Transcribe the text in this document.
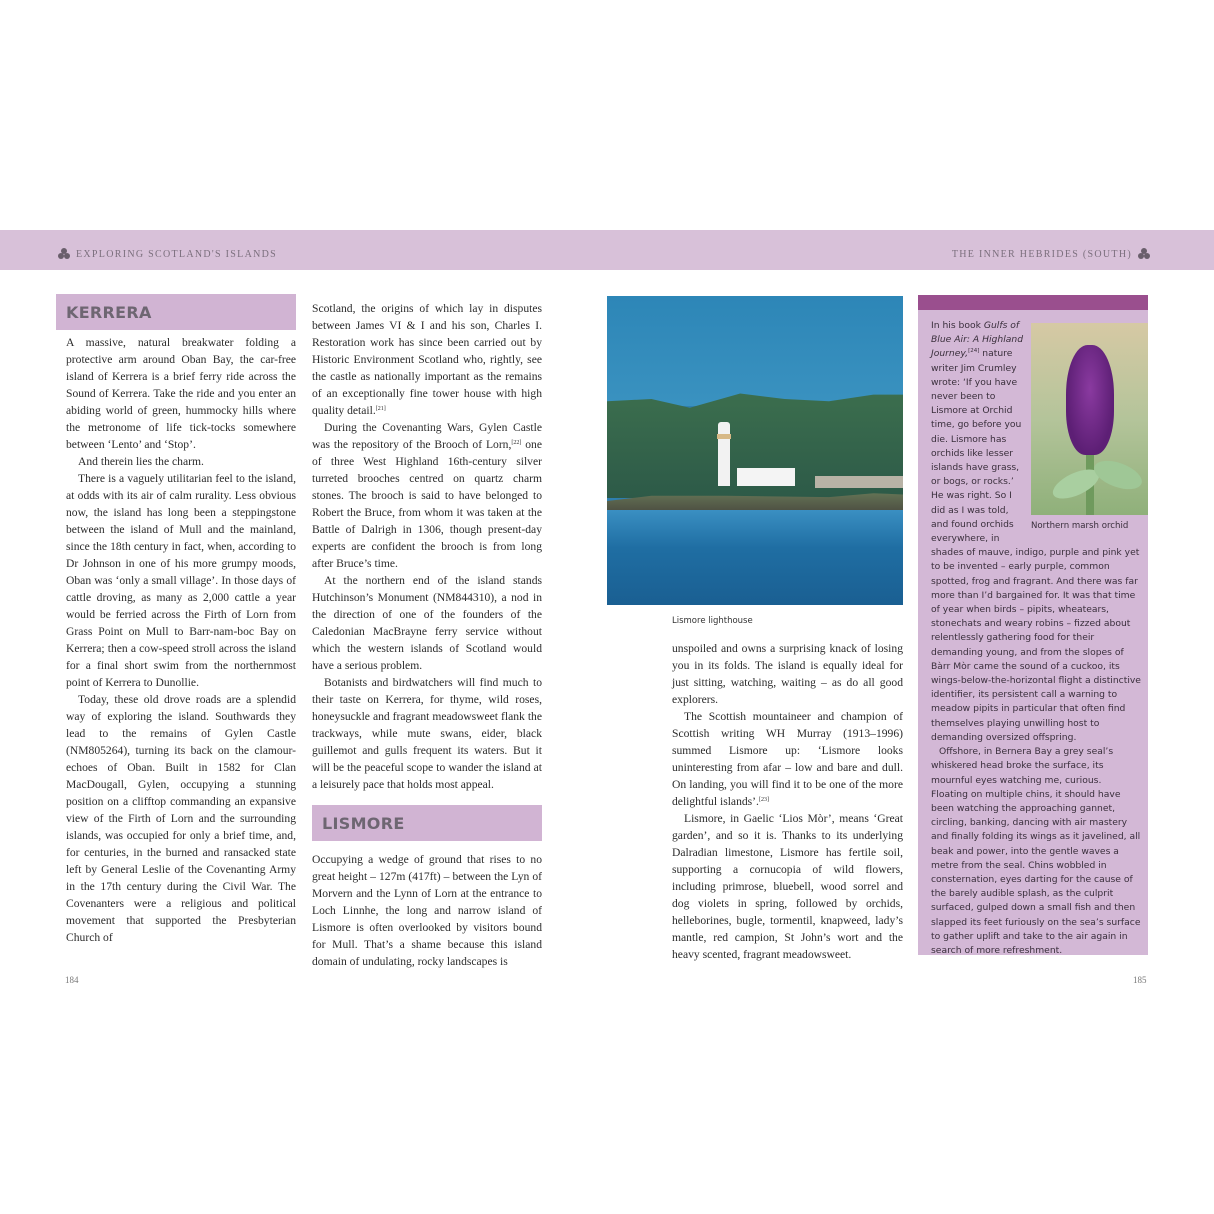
EXPLORING SCOTLAND'S ISLANDS	THE INNER HEBRIDES (SOUTH)
KERRERA

A massive, natural breakwater folding a protective arm around Oban Bay, the car-free island of Kerrera is a brief ferry ride across the Sound of Kerrera. Take the ride and you enter an abiding world of green, hummocky hills where the metronome of life tick-tocks somewhere between ‘Lento’ and ‘Stop’.

And therein lies the charm.

There is a vaguely utilitarian feel to the island, at odds with its air of calm rurality. Less obvious now, the island has long been a steppingstone between the island of Mull and the mainland, since the 18th century in fact, when, according to Dr Johnson in one of his more grumpy moods, Oban was ‘only a small village’. In those days of cattle droving, as many as 2,000 cattle a year would be ferried across the Firth of Lorn from Grass Point on Mull to Barr-nam-boc Bay on Kerrera; then a cow-speed stroll across the island for a final short swim from the northernmost point of Kerrera to Dunollie.

Today, these old drove roads are a splendid way of exploring the island. Southwards they lead to the remains of Gylen Castle (NM805264), turning its back on the clamour-echoes of Oban. Built in 1582 for Clan MacDougall, Gylen, occupying a stunning position on a clifftop commanding an expansive view of the Firth of Lorn and the surrounding islands, was occupied for only a brief time, and, for centuries, in the burned and ransacked state left by General Leslie of the Covenanting Army in the 17th century during the Civil War. The Covenanters were a religious and political movement that supported the Presbyterian Church of

Scotland, the origins of which lay in disputes between James VI & I and his son, Charles I. Restoration work has since been carried out by Historic Environment Scotland who, rightly, see the castle as nationally important as the remains of an exceptionally fine tower house with high quality detail.[21]

During the Covenanting Wars, Gylen Castle was the repository of the Brooch of Lorn,[22] one of three West Highland 16th-century silver turreted brooches centred on quartz charm stones. The brooch is said to have belonged to Robert the Bruce, from whom it was taken at the Battle of Dalrigh in 1306, though present-day experts are confident the brooch is from long after Bruce’s time.

At the northern end of the island stands Hutchinson’s Monument (NM844310), a nod in the direction of one of the founders of the Caledonian MacBrayne ferry service without which the western islands of Scotland would have a serious problem.

Botanists and birdwatchers will find much to their taste on Kerrera, for thyme, wild roses, honeysuckle and fragrant meadowsweet flank the trackways, while mute swans, eider, black guillemot and gulls frequent its waters. But it will be the peaceful scope to wander the island at a leisurely pace that holds most appeal.

LISMORE

Occupying a wedge of ground that rises to no great height – 127m (417ft) – between the Lyn of Morvern and the Lynn of Lorn at the entrance to Loch Linnhe, the long and narrow island of Lismore is often overlooked by visitors bound for Mull. That’s a shame because this island domain of undulating, rocky landscapes is

Lismore lighthouse

unspoiled and owns a surprising knack of losing you in its folds. The island is equally ideal for just sitting, watching, waiting – as do all good explorers.

The Scottish mountaineer and champion of Scottish writing WH Murray (1913–1996) summed Lismore up: ‘Lismore looks uninteresting from afar – low and bare and dull. On landing, you will find it to be one of the more delightful islands’.[23]

Lismore, in Gaelic ‘Lios Mòr’, means ‘Great garden’, and so it is. Thanks to its underlying Dalradian limestone, Lismore has fertile soil, supporting a cornucopia of wild flowers, including primrose, bluebell, wood sorrel and dog violets in spring, followed by orchids, helleborines, bugle, tormentil, knapweed, lady’s mantle, red campion, St John’s wort and the heavy scented, fragrant meadowsweet.

Northern marsh orchid

In his book Gulfs of Blue Air: A Highland Journey,[24] nature writer Jim Crumley wrote: ‘If you have never been to Lismore at Orchid time, go before you die. Lismore has orchids like lesser islands have grass, or bogs, or rocks.’ He was right. So I did as I was told, and found orchids everywhere, in shades of mauve, indigo, purple and pink yet to be invented – early purple, common spotted, frog and fragrant. And there was far more than I’d bargained for. It was that time of year when birds – pipits, wheatears, stonechats and weary robins – fizzed about relentlessly gathering food for their demanding young, and from the slopes of Bàrr Mòr came the sound of a cuckoo, its wings-below-the-horizontal flight a distinctive identifier, its persistent call a warning to meadow pipits in particular that often find themselves playing unwilling host to demanding oversized offspring.

Offshore, in Bernera Bay a grey seal’s whiskered head broke the surface, its mournful eyes watching me, curious. Floating on multiple chins, it should have been watching the approaching gannet, circling, banking, dancing with air mastery and finally folding its wings as it javelined, all beak and power, into the gentle waves a metre from the seal. Chins wobbled in consternation, eyes darting for the cause of the barely audible splash, as the culprit surfaced, gulped down a small fish and then slapped its feet furiously on the sea’s surface to gather uplift and take to the air again in search of more refreshment.

184	185
